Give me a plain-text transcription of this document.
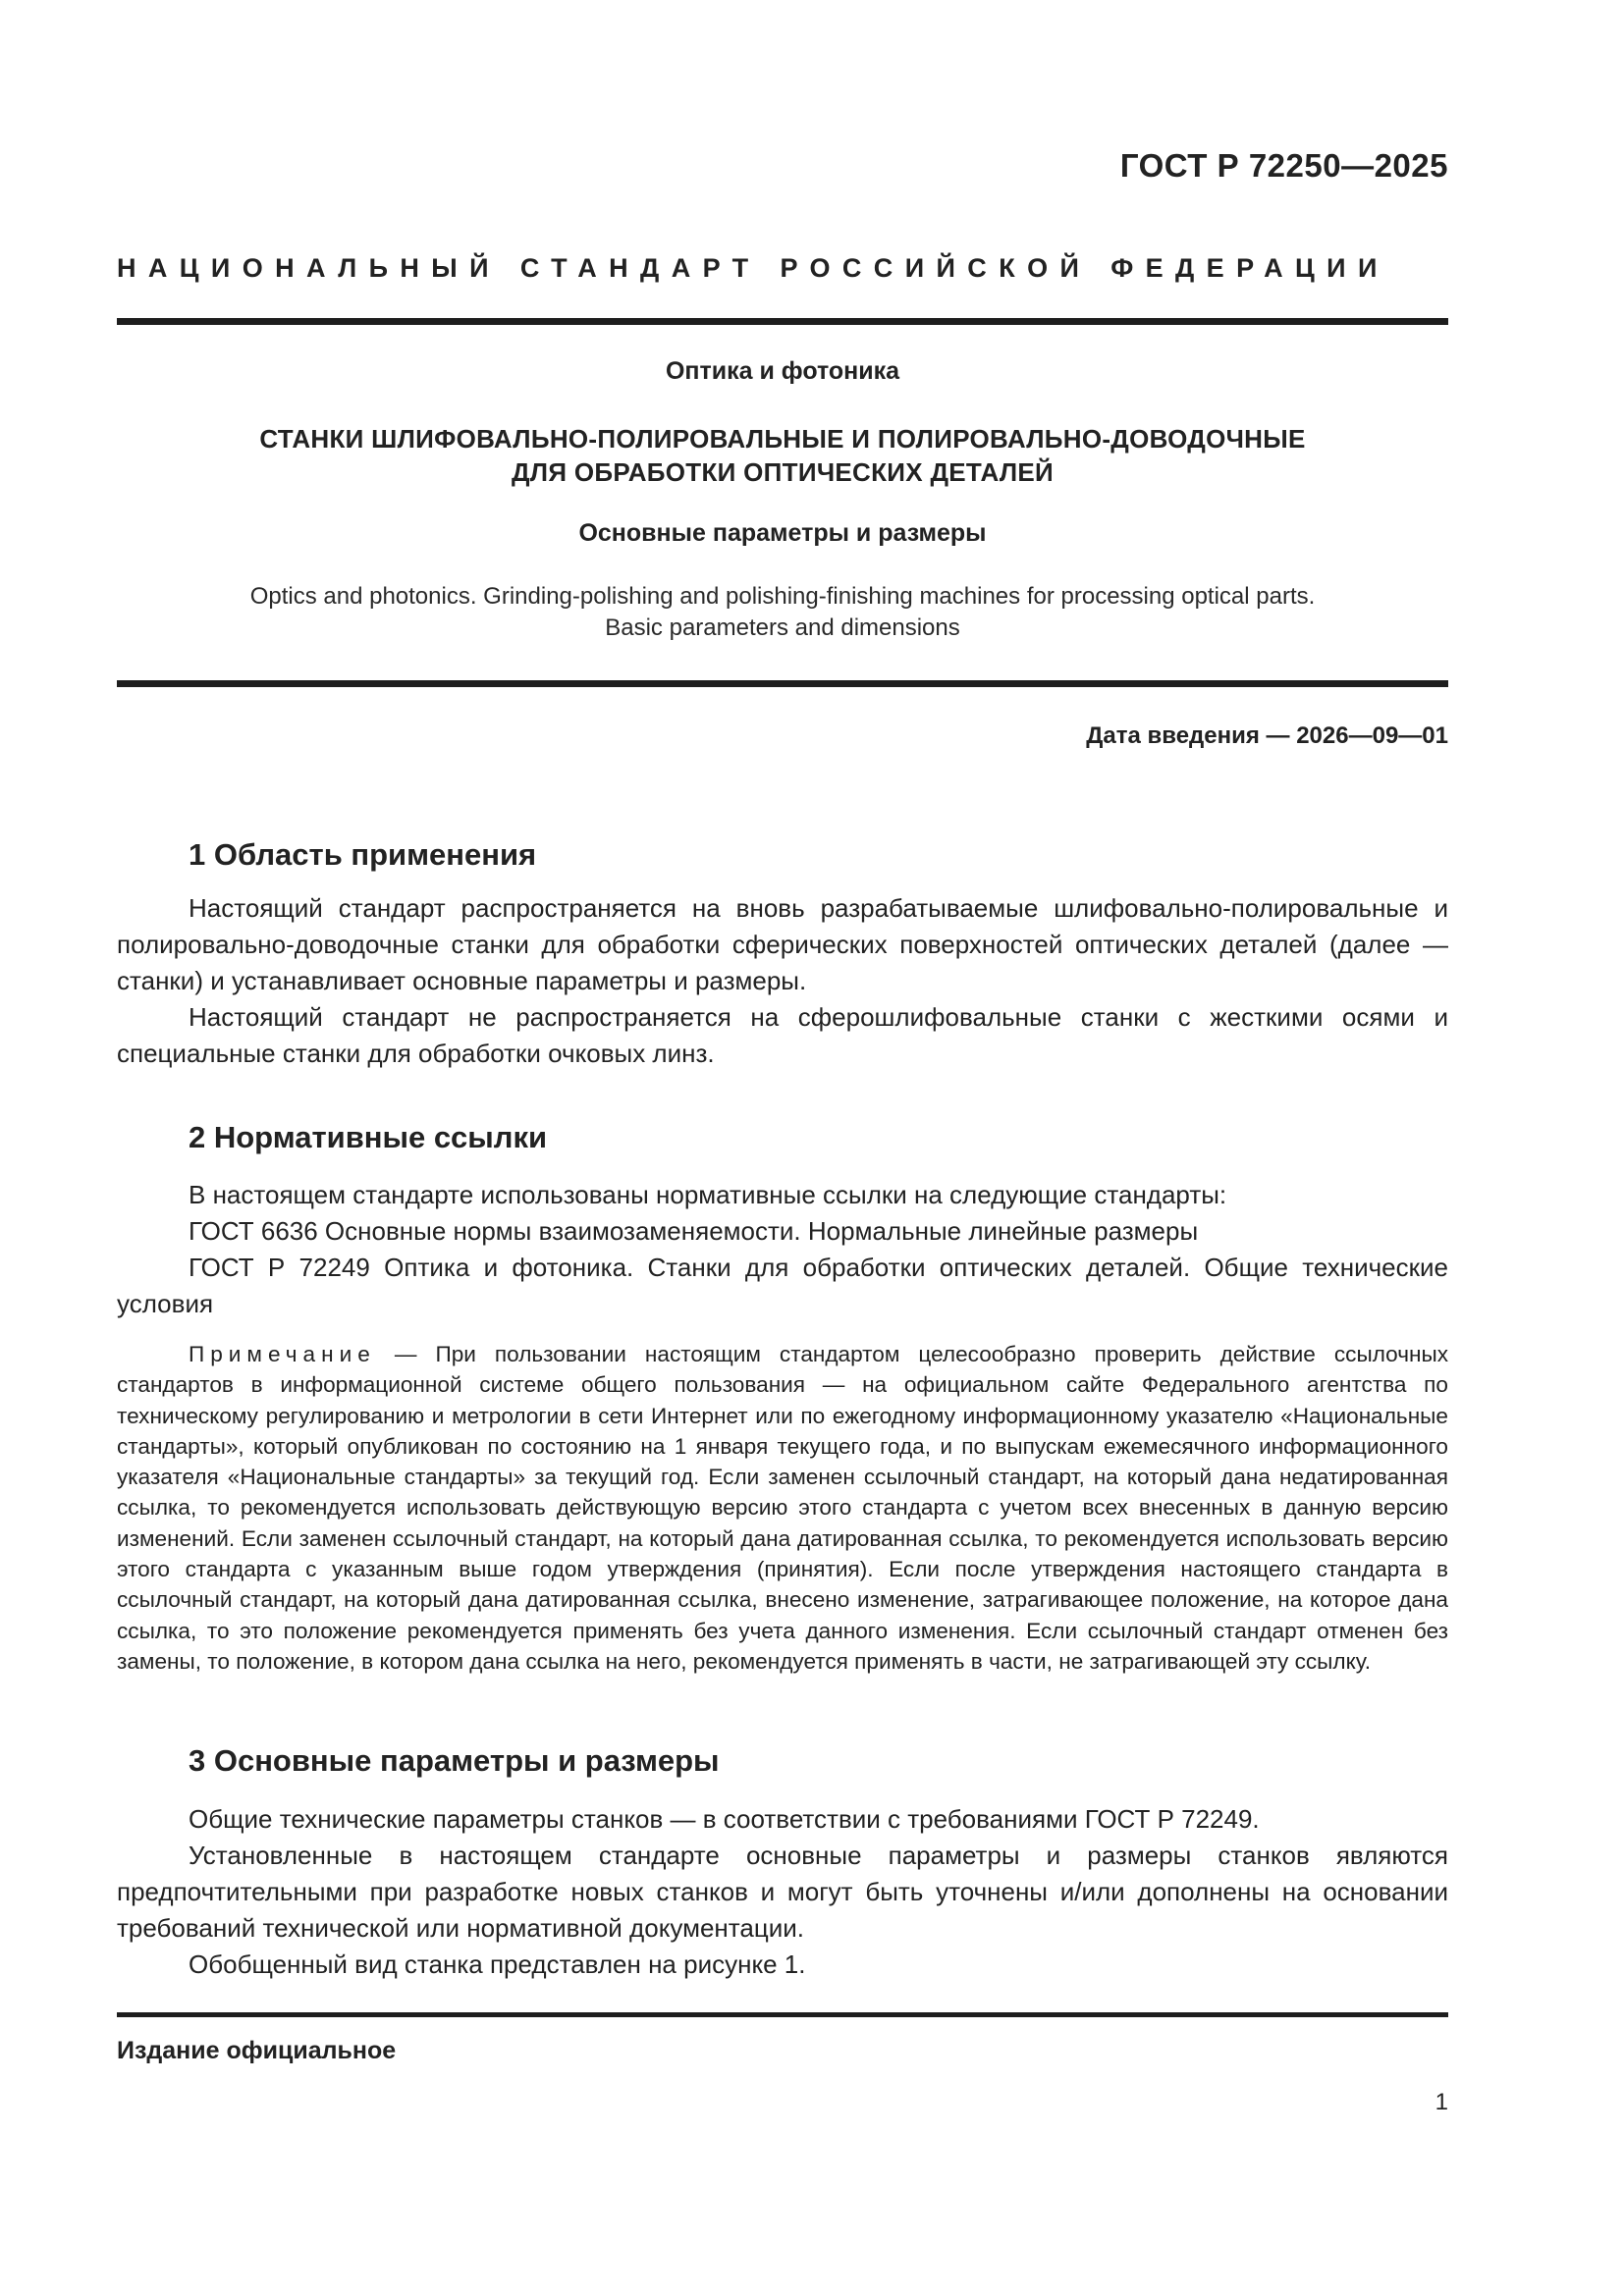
ГОСТ Р 72250—2025
НАЦИОНАЛЬНЫЙ СТАНДАРТ РОССИЙСКОЙ ФЕДЕРАЦИИ
Оптика и фотоника
СТАНКИ ШЛИФОВАЛЬНО-ПОЛИРОВАЛЬНЫЕ И ПОЛИРОВАЛЬНО-ДОВОДОЧНЫЕ
ДЛЯ ОБРАБОТКИ ОПТИЧЕСКИХ ДЕТАЛЕЙ
Основные параметры и размеры
Optics and photonics. Grinding-polishing and polishing-finishing machines for processing optical parts.
Basic parameters and dimensions
Дата введения — 2026—09—01
1 Область применения

Настоящий стандарт распространяется на вновь разрабатываемые шлифовально-полировальные и полировально-доводочные станки для обработки сферических поверхностей оптических деталей (далее — станки) и устанавливает основные параметры и размеры.

Настоящий стандарт не распространяется на сферошлифовальные станки с жесткими осями и специальные станки для обработки очковых линз.

2 Нормативные ссылки

В настоящем стандарте использованы нормативные ссылки на следующие стандарты:

ГОСТ 6636 Основные нормы взаимозаменяемости. Нормальные линейные размеры

ГОСТ Р 72249 Оптика и фотоника. Станки для обработки оптических деталей. Общие технические условия

Примечание — При пользовании настоящим стандартом целесообразно проверить действие ссылочных стандартов в информационной системе общего пользования — на официальном сайте Федерального агентства по техническому регулированию и метрологии в сети Интернет или по ежегодному информационному указателю «Национальные стандарты», который опубликован по состоянию на 1 января текущего года, и по выпускам ежемесячного информационного указателя «Национальные стандарты» за текущий год. Если заменен ссылочный стандарт, на который дана недатированная ссылка, то рекомендуется использовать действующую версию этого стандарта с учетом всех внесенных в данную версию изменений. Если заменен ссылочный стандарт, на который дана датированная ссылка, то рекомендуется использовать версию этого стандарта с указанным выше годом утверждения (принятия). Если после утверждения настоящего стандарта в ссылочный стандарт, на который дана датированная ссылка, внесено изменение, затрагивающее положение, на которое дана ссылка, то это положение рекомендуется применять без учета данного изменения. Если ссылочный стандарт отменен без замены, то положение, в котором дана ссылка на него, рекомендуется применять в части, не затрагивающей эту ссылку.

3 Основные параметры и размеры

Общие технические параметры станков — в соответствии с требованиями ГОСТ Р 72249.

Установленные в настоящем стандарте основные параметры и размеры станков являются предпочтительными при разработке новых станков и могут быть уточнены и/или дополнены на основании требований технической или нормативной документации.

Обобщенный вид станка представлен на рисунке 1.

Издание официальное
1
